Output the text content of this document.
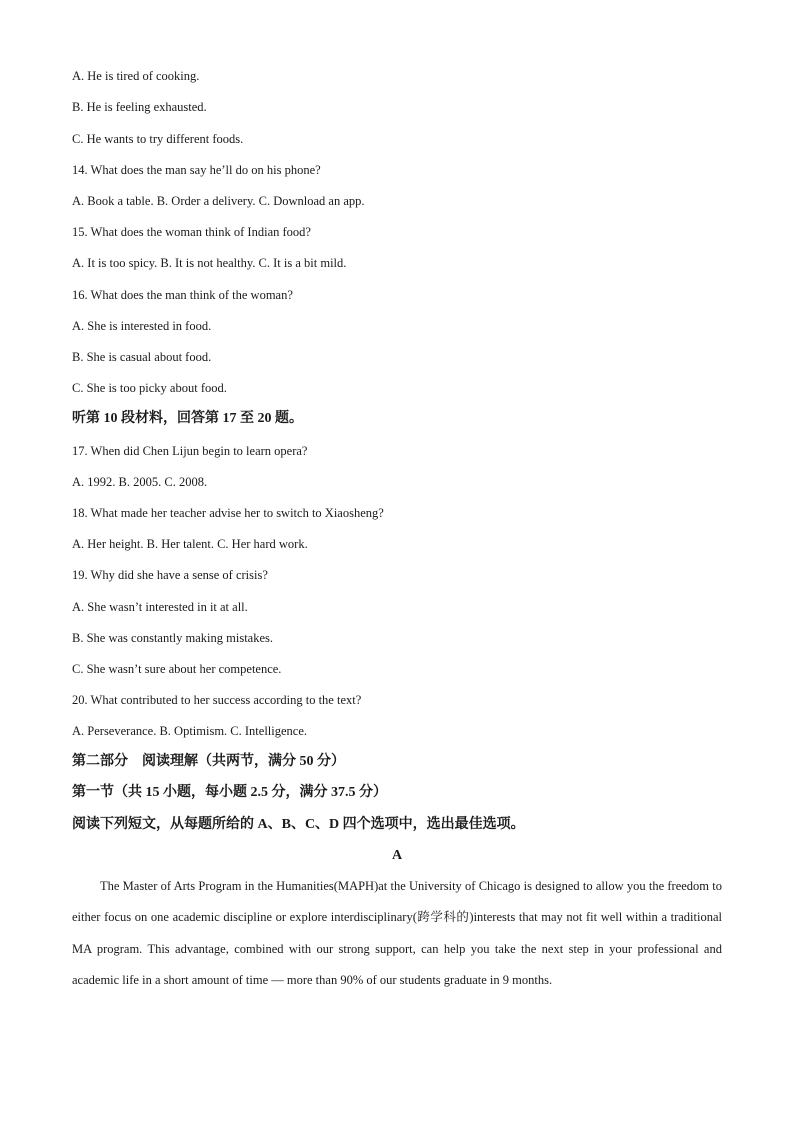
A. He is tired of cooking.
B. He is feeling exhausted.
C. He wants to try different foods.
14. What does the man say he’ll do on his phone?
A. Book a table. B. Order a delivery. C. Download an app.
15. What does the woman think of Indian food?
A. It is too spicy. B. It is not healthy. C. It is a bit mild.
16. What does the man think of the woman?
A. She is interested in food.
B. She is casual about food.
C. She is too picky about food.
听第 10 段材料，回答第 17 至 20 题。
17. When did Chen Lijun begin to learn opera?
A. 1992. B. 2005. C. 2008.
18. What made her teacher advise her to switch to Xiaosheng?
A. Her height. B. Her talent. C. Her hard work.
19. Why did she have a sense of crisis?
A. She wasn’t interested in it at all.
B. She was constantly making mistakes.
C. She wasn’t sure about her competence.
20. What contributed to her success according to the text?
A. Perseverance. B. Optimism. C. Intelligence.
第二部分　阅读理解（共两节，满分 50 分）
第一节（共 15 小题，每小题 2.5 分，满分 37.5 分）
阅读下列短文，从每题所给的 A、B、C、D 四个选项中，选出最佳选项。
A
The Master of Arts Program in the Humanities(MAPH)at the University of Chicago is designed to allow you the freedom to either focus on one academic discipline or explore interdisciplinary(跨学科的)interests that may not fit well within a traditional MA program. This advantage, combined with our strong support, can help you take the next step in your professional and academic life in a short amount of time — more than 90% of our students graduate in 9 months.
